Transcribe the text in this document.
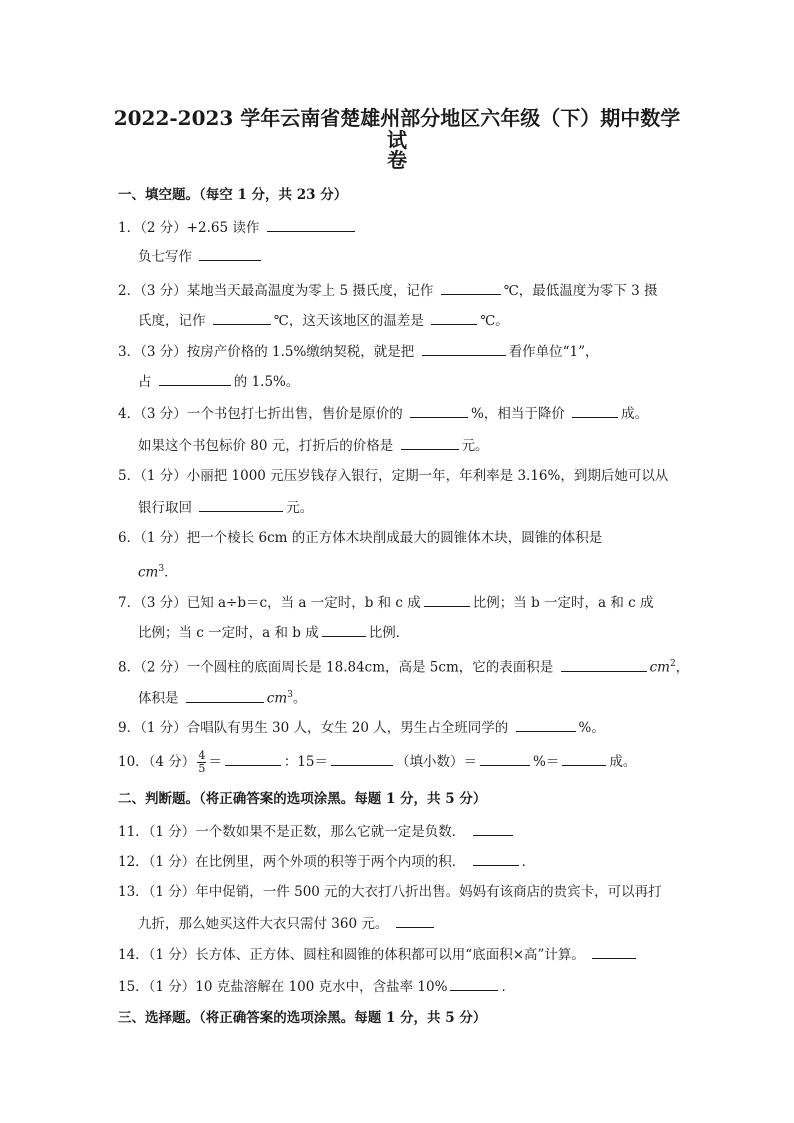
2022-2023 学年云南省楚雄州部分地区六年级（下）期中数学试
卷
一、填空题。（每空 1 分，共 23 分）
1．（2 分）+2.65 读作
负七写作
2．（3 分）某地当天最高温度为零上 5 摄氏度，记作	℃，最低温度为零下 3 摄
氏度，记作	℃，这天该地区的温差是	℃。
3．（3 分）按房产价格的 1.5%缴纳契税，就是把	看作单位“1”，
占	的 1.5%。
4．（3 分）一个书包打七折出售，售价是原价的	%，相当于降价	成。
如果这个书包标价 80 元，打折后的价格是	元。
5．（1 分）小丽把 1000 元压岁钱存入银行，定期一年，年利率是 3.16%，到期后她可以从
银行取回	元。
6．（1 分）把一个棱长 6cm 的正方体木块削成最大的圆锥体木块，圆锥的体积是
$cm^3$．
7．（3 分）已知 a÷b＝c，当 a 一定时，b 和 c 成	比例；当 b 一定时，a 和 c 成
比例；当 c 一定时，a 和 b 成	比例．
8．（2 分）一个圆柱的底面周长是 18.84cm，高是 5cm，它的表面积是	$cm^2$，
体积是	$cm^3$。
9．（1 分）合唱队有男生 30 人，女生 20 人，男生占全班同学的	%。
10．（4 分） $\frac{4}{5}$ ＝	：15＝	（填小数）＝	%＝	成。
二、判断题。（将正确答案的选项涂黑。每题 1 分，共 5 分）
11．（1 分）一个数如果不是正数，那么它就一定是负数．
12．（1 分）在比例里，两个外项的积等于两个内项的积．	．
13．（1 分）年中促销，一件 500 元的大衣打八折出售。妈妈有该商店的贵宾卡，可以再打
九折，那么她买这件大衣只需付 360 元。
14．（1 分）长方体、正方体、圆柱和圆锥的体积都可以用“底面积×高”计算。
15．（1 分）10 克盐溶解在 100 克水中，含盐率 10%	．
三、选择题。（将正确答案的选项涂黑。每题 1 分，共 5 分）
